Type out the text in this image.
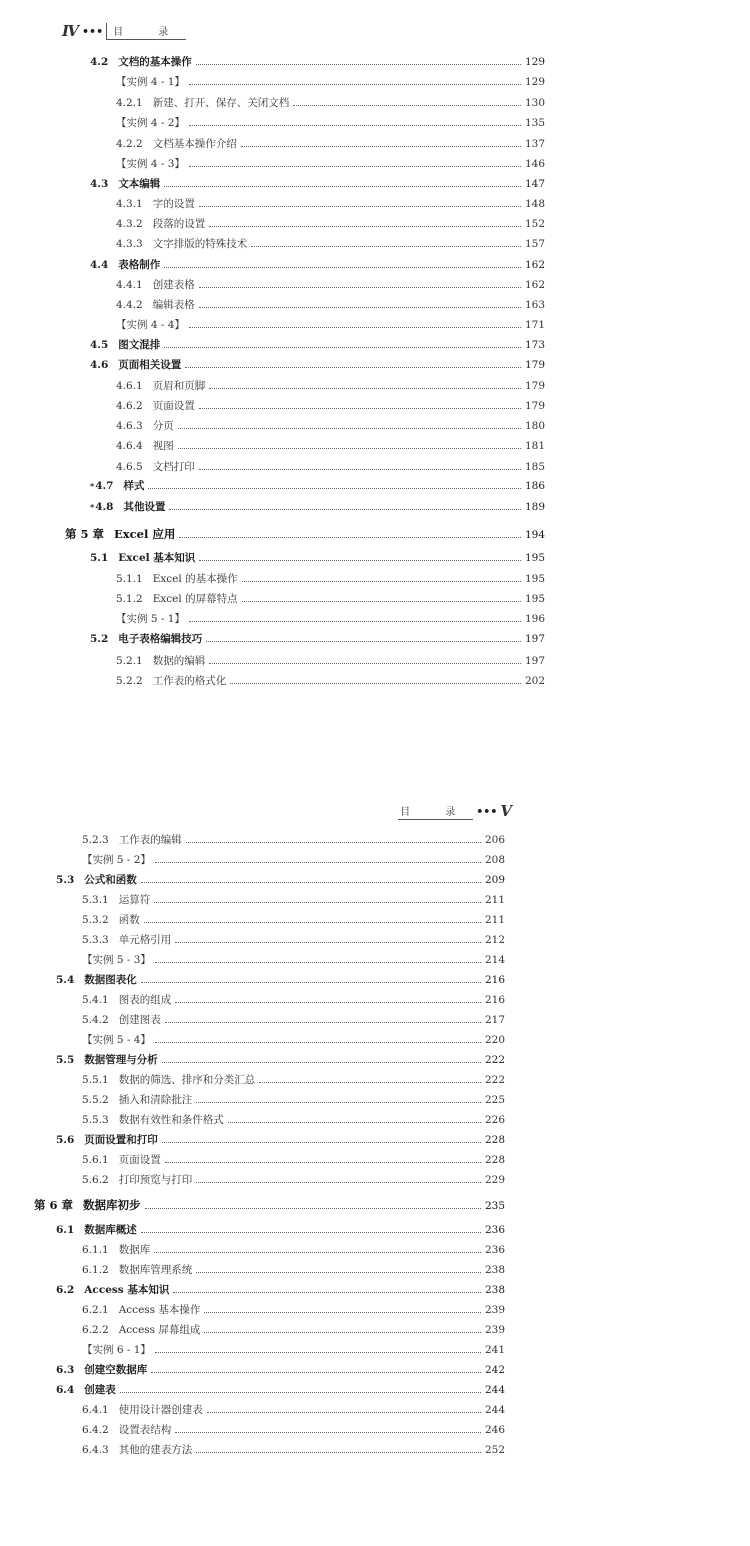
Ⅳ •••	目 录
4.2 文档的基本操作	129
【实例 4 - 1】	129
4.2.1 新建、打开、保存、关闭文档	130
【实例 4 - 2】	135
4.2.2 文档基本操作介绍	137
【实例 4 - 3】	146
4.3 文本编辑	147
4.3.1 字的设置	148
4.3.2 段落的设置	152
4.3.3 文字排版的特殊技术	157
4.4 表格制作	162
4.4.1 创建表格	162
4.4.2 编辑表格	163
【实例 4 - 4】	171
4.5 图文混排	173
4.6 页面相关设置	179
4.6.1 页眉和页脚	179
4.6.2 页面设置	179
4.6.3 分页	180
4.6.4 视图	181
4.6.5 文档打印	185
* 4.7 样式	186
* 4.8 其他设置	189
第 5 章 Excel 应用	194
5.1 Excel 基本知识	195
5.1.1 Excel 的基本操作	195
5.1.2 Excel 的屏幕特点	195
【实例 5 - 1】	196
5.2 电子表格编辑技巧	197
5.2.1 数据的编辑	197
5.2.2 工作表的格式化	202
5.2.3 工作表的编辑	206
【实例 5 - 2】	208
5.3 公式和函数	209
5.3.1 运算符	211
5.3.2 函数	211
5.3.3 单元格引用	212
【实例 5 - 3】	214
5.4 数据图表化	216
5.4.1 图表的组成	216
5.4.2 创建图表	217
【实例 5 - 4】	220
5.5 数据管理与分析	222
5.5.1 数据的筛选、排序和分类汇总	222
5.5.2 插入和清除批注	225
5.5.3 数据有效性和条件格式	226
5.6 页面设置和打印	228
5.6.1 页面设置	228
5.6.2 打印预览与打印	229
第 6 章 数据库初步	235
6.1 数据库概述	236
6.1.1 数据库	236
6.1.2 数据库管理系统	238
6.2 Access 基本知识	238
6.2.1 Access 基本操作	239
6.2.2 Access 屏幕组成	239
【实例 6 - 1】	241
6.3 创建空数据库	242
6.4 创建表	244
6.4.1 使用设计器创建表	244
6.4.2 设置表结构	246
6.4.3 其他的建表方法	252
目 录 ••• Ⅴ
